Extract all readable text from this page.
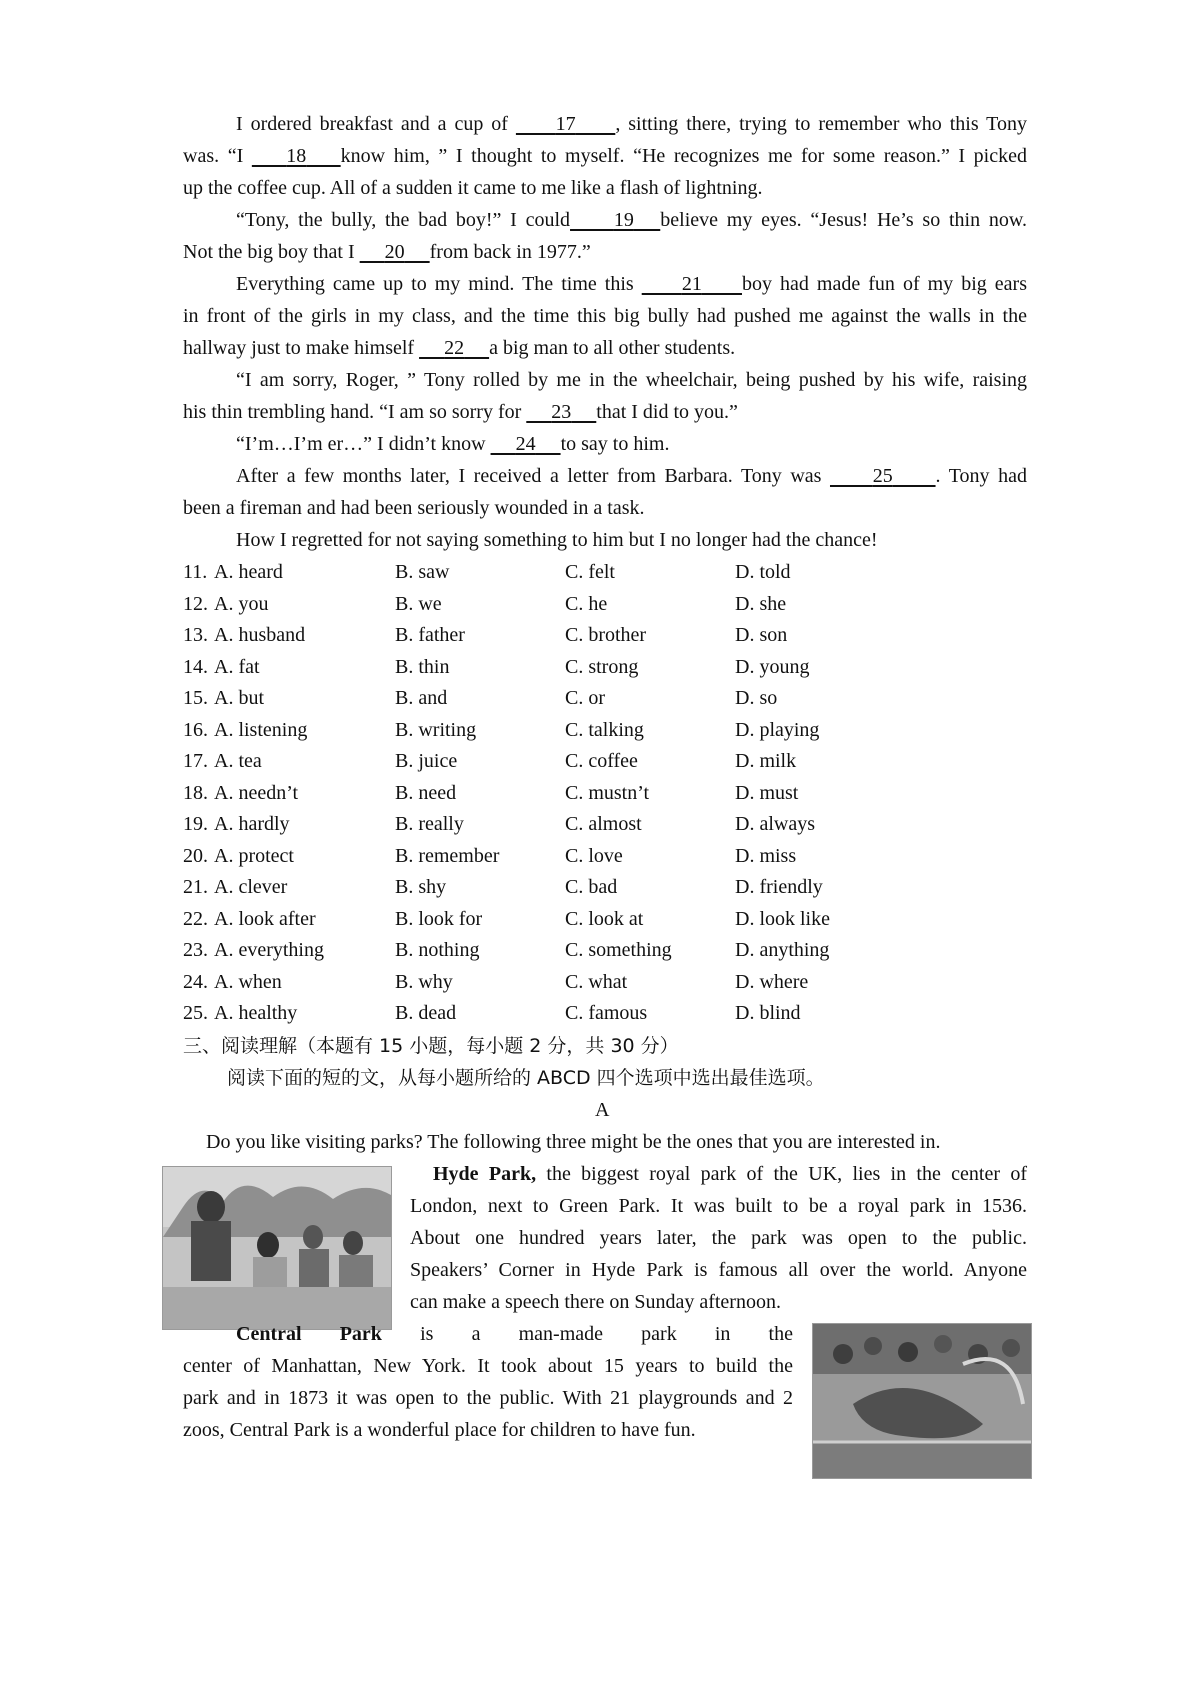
I ordered breakfast and a cup of      17 , sitting there, trying to remember who this Tony
was. “I     18 know him, ” I thought to myself. “He recognizes me for some reason.” I picked
up the coffee cup. All of a sudden it came to me like a flash of lightning.
“Tony, the bully, the bad boy!” I could 19 believe my eyes. “Jesus! He’s so thin now.
Not the big boy that I      20 from back in 1977.”
Everything came up to my mind. The time this      21 boy had made fun of my big ears
in front of the girls in my class, and the time this big bully had pushed me against the walls in the
hallway just to make himself      22 a big man to all other students.
“I am sorry, Roger, ” Tony rolled by me in the wheelchair, being pushed by his wife, raising
his thin trembling hand. “I am so sorry for      23 that I did to you.”
“I’m…I’m er…” I didn’t know      24 to say to him.
After a few months later, I received a letter from Barbara. Tony was      25 . Tony had
been a fireman and had been seriously wounded in a task.
How I regretted for not saying something to him but I no longer had the chance!
11. A. heard	B. saw	C. felt	D. told
12. A. you	B. we	C. he	D. she
13. A. husband	B. father	C. brother	D. son
14. A. fat	B. thin	C. strong	D. young
15. A. but	B. and	C. or	D. so
16. A. listening	B. writing	C. talking	D. playing
17. A. tea	B. juice	C. coffee	D. milk
18. A. needn’t	B. need	C. mustn’t	D. must
19. A. hardly	B. really	C. almost	D. always
20. A. protect	B. remember	C. love	D. miss
21. A. clever	B. shy	C. bad	D. friendly
22. A. look after	B. look for	C. look at	D. look like
23. A. everything	B. nothing	C. something	D. anything
24. A. when	B. why	C. what	D. where
25. A. healthy	B. dead	C. famous	D. blind
三、阅读理解（本题有 15 小题，每小题 2 分，共 30 分）
阅读下面的短的文，从每小题所给的 ABCD 四个选项中选出最佳选项。
A
Do you like visiting parks? The following three might be the ones that you are interested in.
Hyde Park, the biggest royal park of the UK, lies in the center of
London, next to Green Park. It was built to be a royal park in 1536.
About one hundred years later, the park was open to the public.
Speakers’ Corner in Hyde Park is famous all over the world. Anyone
can make a speech there on Sunday afternoon.
Central Park is a man-made park in the
center of Manhattan, New York. It took about 15 years to build the
park and in 1873 it was open to the public. With 21 playgrounds and 2
zoos, Central Park is a wonderful place for children to have fun.
